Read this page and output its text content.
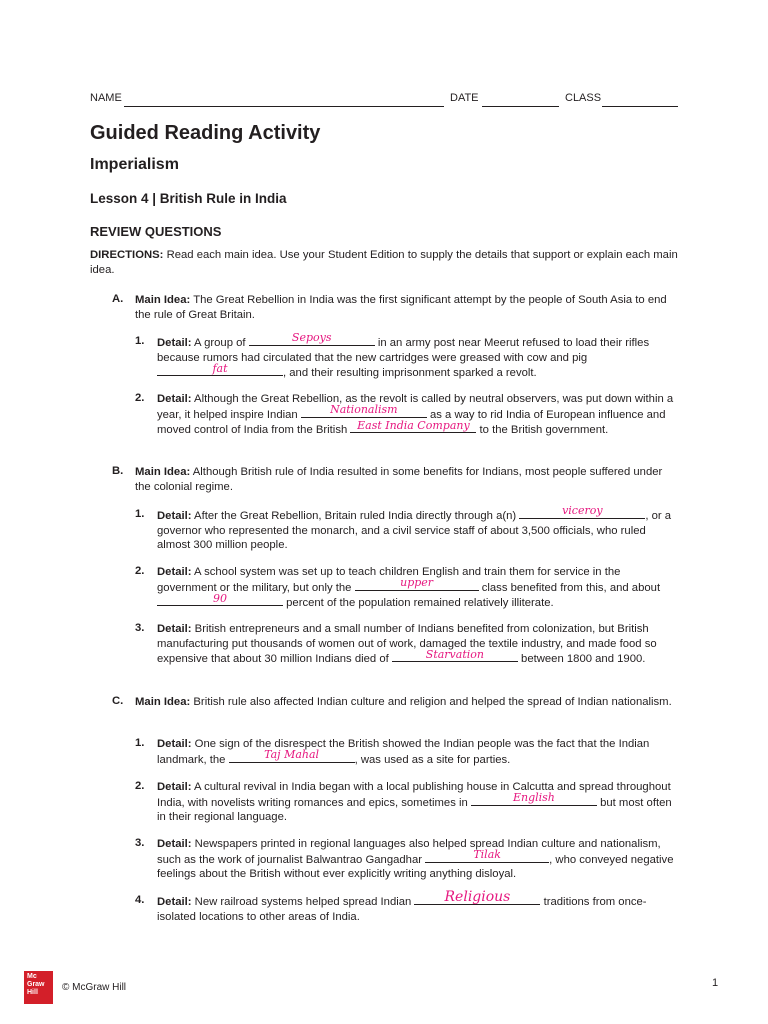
NAME	DATE	CLASS
Guided Reading Activity
Imperialism
Lesson 4 | British Rule in India
REVIEW QUESTIONS
DIRECTIONS: Read each main idea. Use your Student Edition to supply the details that support or explain each main idea.
A. Main Idea: The Great Rebellion in India was the first significant attempt by the people of South Asia to end the rule of Great Britain.
1. Detail: A group of	Sepoys	in an army post near Meerut refused to load their rifles because rumors had circulated that the new cartridges were greased with cow and pig
fat	, and their resulting imprisonment sparked a revolt.
2. Detail: Although the Great Rebellion, as the revolt is called by neutral observers, was put down within a year, it helped inspire Indian	Nationalism	as a way to rid India of European influence and moved control of India from the British East India Company to the British government.
B. Main Idea: Although British rule of India resulted in some benefits for Indians, most people suffered under the colonial regime.
1. Detail: After the Great Rebellion, Britain ruled India directly through a(n)	viceroy	, or a governor who represented the monarch, and a civil service staff of about 3,500 officials, who ruled almost 300 million people.
2. Detail: A school system was set up to teach children English and train them for service in the government or the military, but only the	upper	class benefited from this, and about
90	percent of the population remained relatively illiterate.
3. Detail: British entrepreneurs and a small number of Indians benefited from colonization, but British manufacturing put thousands of women out of work, damaged the textile industry, and made food so expensive that about 30 million Indians died of	Starvation	between 1800 and 1900.
C. Main Idea: British rule also affected Indian culture and religion and helped the spread of Indian nationalism.
1. Detail: One sign of the disrespect the British showed the Indian people was the fact that the Indian landmark, the	Taj Mahal	, was used as a site for parties.
2. Detail: A cultural revival in India began with a local publishing house in Calcutta and spread throughout India, with novelists writing romances and epics, sometimes in	English	but most often in their regional language.
3. Detail: Newspapers printed in regional languages also helped spread Indian culture and nationalism, such as the work of journalist Balwantrao Gangadhar	Tilak	, who conveyed negative feelings about the British without ever explicitly writing anything disloyal.
4. Detail: New railroad systems helped spread Indian	Religious	traditions from once-isolated locations to other areas of India.
Mc
Graw
Hill	© McGraw Hill	1
